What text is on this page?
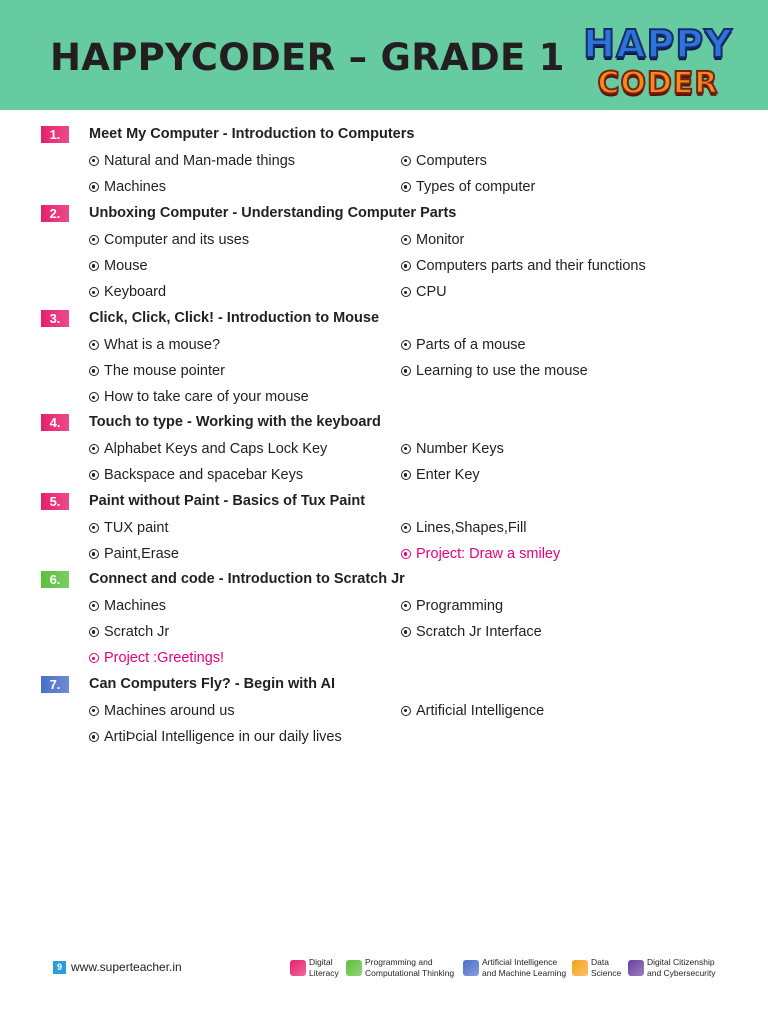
HAPPYCODER – GRADE 1 HAPPY
CODER
1.	Meet My Computer - Introduction to Computers
Natural and Man-made things	Computers
Machines	Types of computer
2.	Unboxing Computer - Understanding Computer Parts
Computer and its uses	Monitor
Mouse	Computers parts and their functions
Keyboard	CPU
3.	Click, Click, Click! - Introduction to Mouse
What is a mouse?	Parts of a mouse
The mouse pointer	Learning to use the mouse
How to take care of your mouse
4.	Touch to type - Working with the keyboard
Alphabet Keys and Caps Lock Key	Number Keys
Backspace and spacebar Keys	Enter Key
5.	Paint without Paint - Basics of Tux Paint
TUX paint	Lines,Shapes,Fill
Paint,Erase	Project: Draw a smiley
6.	Connect and code - Introduction to Scratch Jr
Machines	Programming
Scratch Jr	Scratch Jr Interface
Project :Greetings!
7.	Can Computers Fly? - Begin with AI
Machines around us	Artificial Intelligence
ArtiÞcial Intelligence in our daily lives
9 www.superteacher.in	Digital
Literacy
Programming and
Computational Thinking
Artificial Intelligence
and Machine Learning
Data
Science
Digital Citizenship
and Cybersecurity
